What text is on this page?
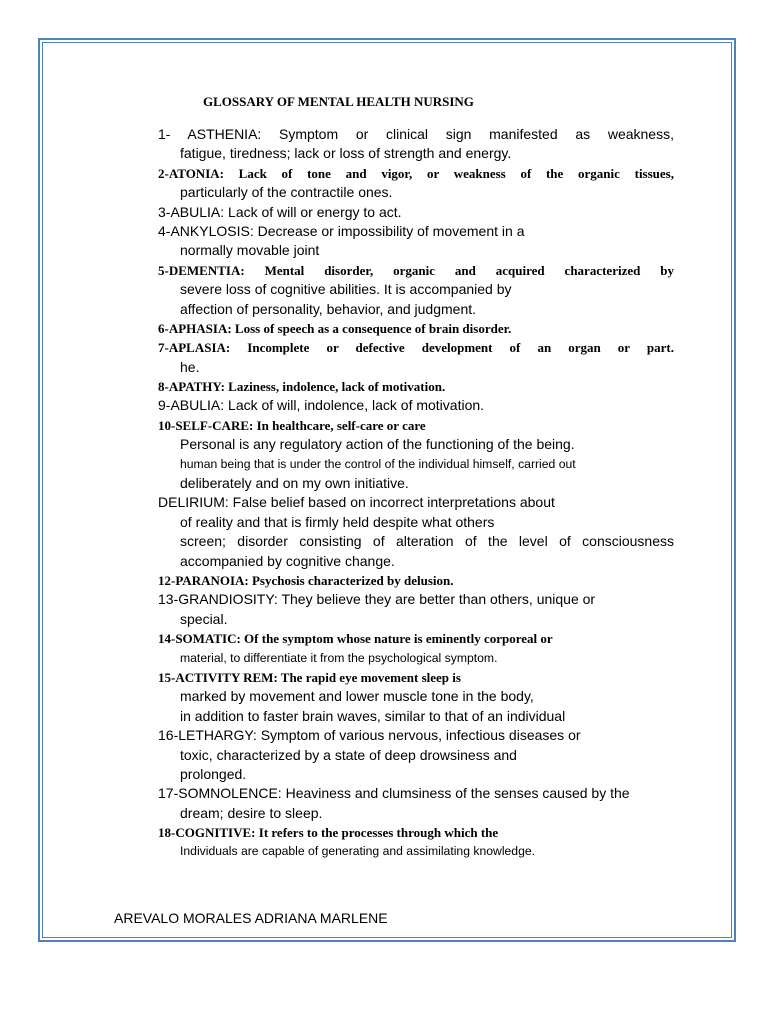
GLOSSARY OF MENTAL HEALTH NURSING
1- ASTHENIA: Symptom or clinical sign manifested as weakness,
fatigue, tiredness; lack or loss of strength and energy.
2-ATONIA: Lack of tone and vigor, or weakness of the organic tissues,
particularly of the contractile ones.
3-ABULIA: Lack of will or energy to act.
4-ANKYLOSIS: Decrease or impossibility of movement in a
normally movable joint
5-DEMENTIA: Mental disorder, organic and acquired characterized by
severe loss of cognitive abilities. It is accompanied by
affection of personality, behavior, and judgment.
6-APHASIA: Loss of speech as a consequence of brain disorder.
7-APLASIA: Incomplete or defective development of an organ or part.
he.
8-APATHY: Laziness, indolence, lack of motivation.
9-ABULIA: Lack of will, indolence, lack of motivation.
10-SELF-CARE: In healthcare, self-care or care
Personal is any regulatory action of the functioning of the being.
human being that is under the control of the individual himself, carried out
deliberately and on my own initiative.
DELIRIUM: False belief based on incorrect interpretations about
of reality and that is firmly held despite what others
screen; disorder consisting of alteration of the level of consciousness
accompanied by cognitive change.
12-PARANOIA: Psychosis characterized by delusion.
13-GRANDIOSITY: They believe they are better than others, unique or
special.
14-SOMATIC: Of the symptom whose nature is eminently corporeal or
material, to differentiate it from the psychological symptom.
15-ACTIVITY REM: The rapid eye movement sleep is
marked by movement and lower muscle tone in the body,
in addition to faster brain waves, similar to that of an individual
16-LETHARGY: Symptom of various nervous, infectious diseases or
toxic, characterized by a state of deep drowsiness and
prolonged.
17-SOMNOLENCE: Heaviness and clumsiness of the senses caused by the
dream; desire to sleep.
18-COGNITIVE: It refers to the processes through which the
Individuals are capable of generating and assimilating knowledge.
AREVALO MORALES ADRIANA MARLENE
